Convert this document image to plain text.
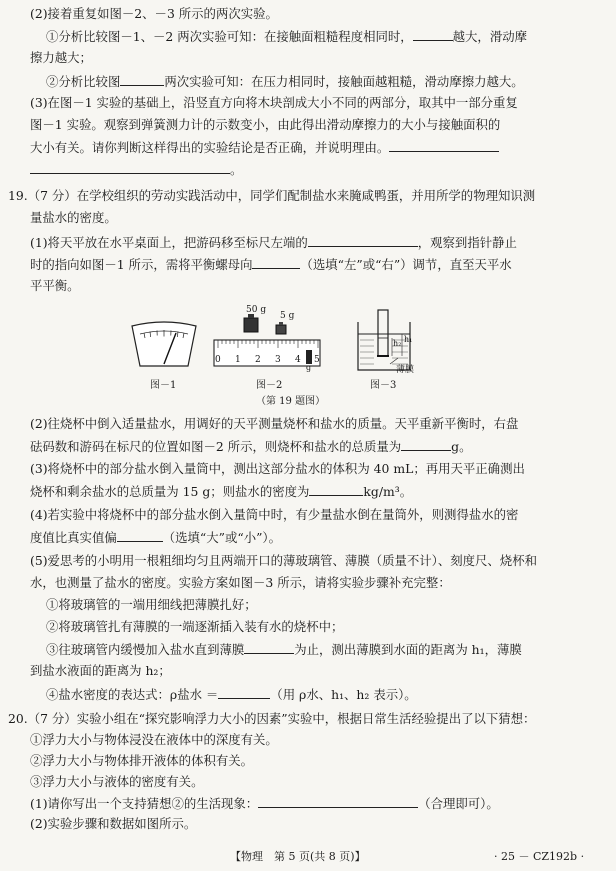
(2)接着重复如图－2、－3 所示的两次实验。
①分析比较图－1、－2 两次实验可知：在接触面粗糙程度相同时，	越大，滑动摩
擦力越大；
②分析比较图	两次实验可知：在压力相同时，接触面越粗糙，滑动摩擦力越大。
(3)在图－1 实验的基础上，沿竖直方向将木块剖成大小不同的两部分，取其中一部分重复
图－1 实验。观察到弹簧测力计的示数变小，由此得出滑动摩擦力的大小与接触面积的
大小有关。请你判断这样得出的实验结论是否正确，并说明理由。
。
19.（7 分）在学校组织的劳动实践活动中，同学们配制盐水来腌咸鸭蛋，并用所学的物理知识测
量盐水的密度。
(1)将天平放在水平桌面上，把游码移至标尺左端的	，观察到指针静止
时的指向如图－1 所示，需将平衡螺母向	（选填“左”或“右”）调节，直至天平水
平平衡。
图－1
50 g
5 g
0 1 2 3 4 5
g
图－2
h₂ h₁
薄膜
图－3
（第 19 题图）
(2)往烧杯中倒入适量盐水，用调好的天平测量烧杯和盐水的质量。天平重新平衡时，右盘
砝码数和游码在标尺的位置如图－2 所示，则烧杯和盐水的总质量为	g。
(3)将烧杯中的部分盐水倒入量筒中，测出这部分盐水的体积为 40 mL；再用天平正确测出
烧杯和剩余盐水的总质量为 15 g；则盐水的密度为	kg/m³。
(4)若实验中将烧杯中的部分盐水倒入量筒中时，有少量盐水倒在量筒外，则测得盐水的密
度值比真实值偏	（选填“大”或“小”）。
(5)爱思考的小明用一根粗细均匀且两端开口的薄玻璃管、薄膜（质量不计）、刻度尺、烧杯和
水，也测量了盐水的密度。实验方案如图－3 所示，请将实验步骤补充完整：
①将玻璃管的一端用细线把薄膜扎好；
②将玻璃管扎有薄膜的一端逐渐插入装有水的烧杯中；
③往玻璃管内缓慢加入盐水直到薄膜	为止，测出薄膜到水面的距离为 h₁，薄膜
到盐水液面的距离为 h₂；
④盐水密度的表达式：ρ盐水 ＝	（用 ρ水、h₁、h₂ 表示）。
20.（7 分）实验小组在“探究影响浮力大小的因素”实验中，根据日常生活经验提出了以下猜想：
①浮力大小与物体浸没在液体中的深度有关。
②浮力大小与物体排开液体的体积有关。
③浮力大小与液体的密度有关。
(1)请你写出一个支持猜想②的生活现象：	（合理即可）。
(2)实验步骤和数据如图所示。
【物理　第 5 页(共 8 页)】	· 25 － CZ192b ·
